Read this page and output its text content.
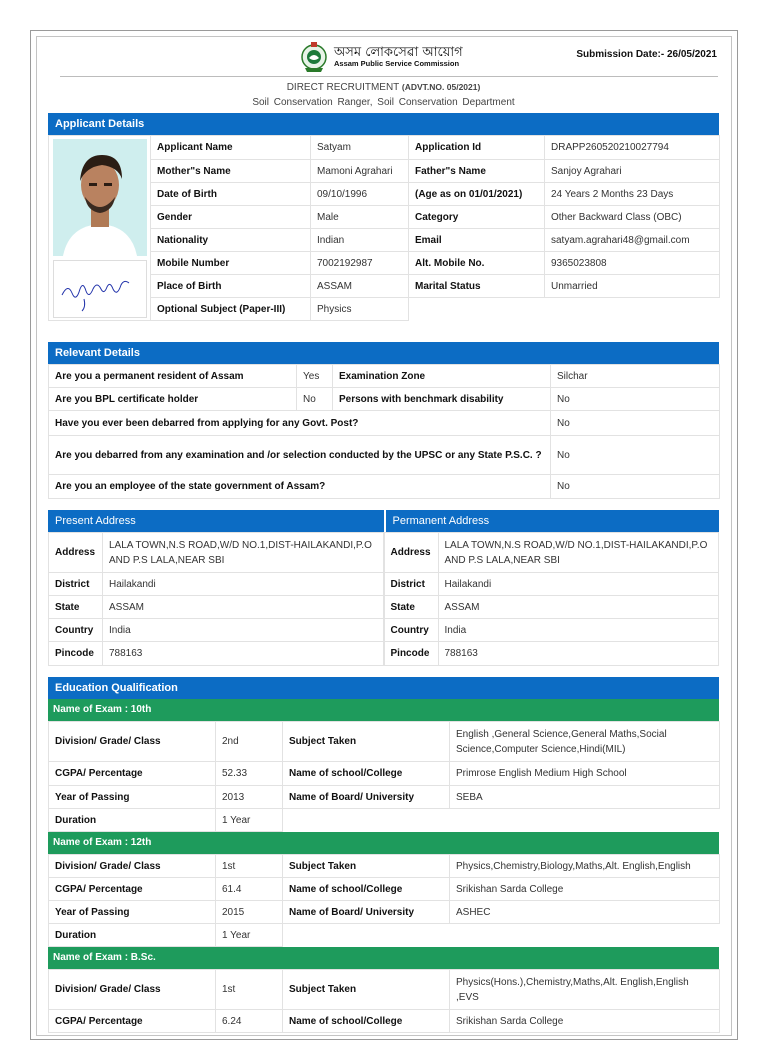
অসম লোকসেৱা আয়োগ
Assam Public Service Commission
Submission Date:- 26/05/2021
DIRECT RECRUITMENT (ADVT.NO. 05/2021)
Soil Conservation Ranger, Soil Conservation Department
Applicant Details
	Applicant Name	Satyam	Application Id	DRAPP260520210027794
	Mother"s Name	Mamoni Agrahari	Father"s Name	Sanjoy Agrahari
	Date of Birth	09/10/1996	(Age as on 01/01/2021)	24 Years 2 Months 23 Days
	Gender	Male	Category	Other Backward Class (OBC)
	Nationality	Indian	Email	satyam.agrahari48@gmail.com
	Mobile Number	7002192987	Alt. Mobile No.	9365023808
	Place of Birth	ASSAM	Marital Status	Unmarried
	Optional Subject (Paper-III)	Physics		
Relevant Details
Are you a permanent resident of Assam	Yes	Examination Zone	Silchar
Are you BPL certificate holder	No	Persons with benchmark disability	No
Have you ever been debarred from applying for any Govt. Post?			No
Are you debarred from any examination and /or selection conducted by the UPSC or any State P.S.C. ?			No
Are you an employee of the state government of Assam?			No
Present Address
Address	LALA TOWN,N.S ROAD,W/D NO.1,DIST-HAILAKANDI,P.O AND P.S LALA,NEAR SBI
District	Hailakandi
State	ASSAM
Country	India
Pincode	788163
Permanent Address
Address	LALA TOWN,N.S ROAD,W/D NO.1,DIST-HAILAKANDI,P.O AND P.S LALA,NEAR SBI
District	Hailakandi
State	ASSAM
Country	India
Pincode	788163
Education Qualification
Name of Exam : 10th
Division/ Grade/ Class	2nd	Subject Taken	English ,General Science,General Maths,Social Science,Computer Science,Hindi(MIL)
CGPA/ Percentage	52.33	Name of school/College	Primrose English Medium High School
Year of Passing	2013	Name of Board/ University	SEBA
Duration	1 Year		
Name of Exam : 12th
Division/ Grade/ Class	1st	Subject Taken	Physics,Chemistry,Biology,Maths,Alt. English,English
CGPA/ Percentage	61.4	Name of school/College	Srikishan Sarda College
Year of Passing	2015	Name of Board/ University	ASHEC
Duration	1 Year		
Name of Exam : B.Sc.
Division/ Grade/ Class	1st	Subject Taken	Physics(Hons.),Chemistry,Maths,Alt. English,English ,EVS
CGPA/ Percentage	6.24	Name of school/College	Srikishan Sarda College
